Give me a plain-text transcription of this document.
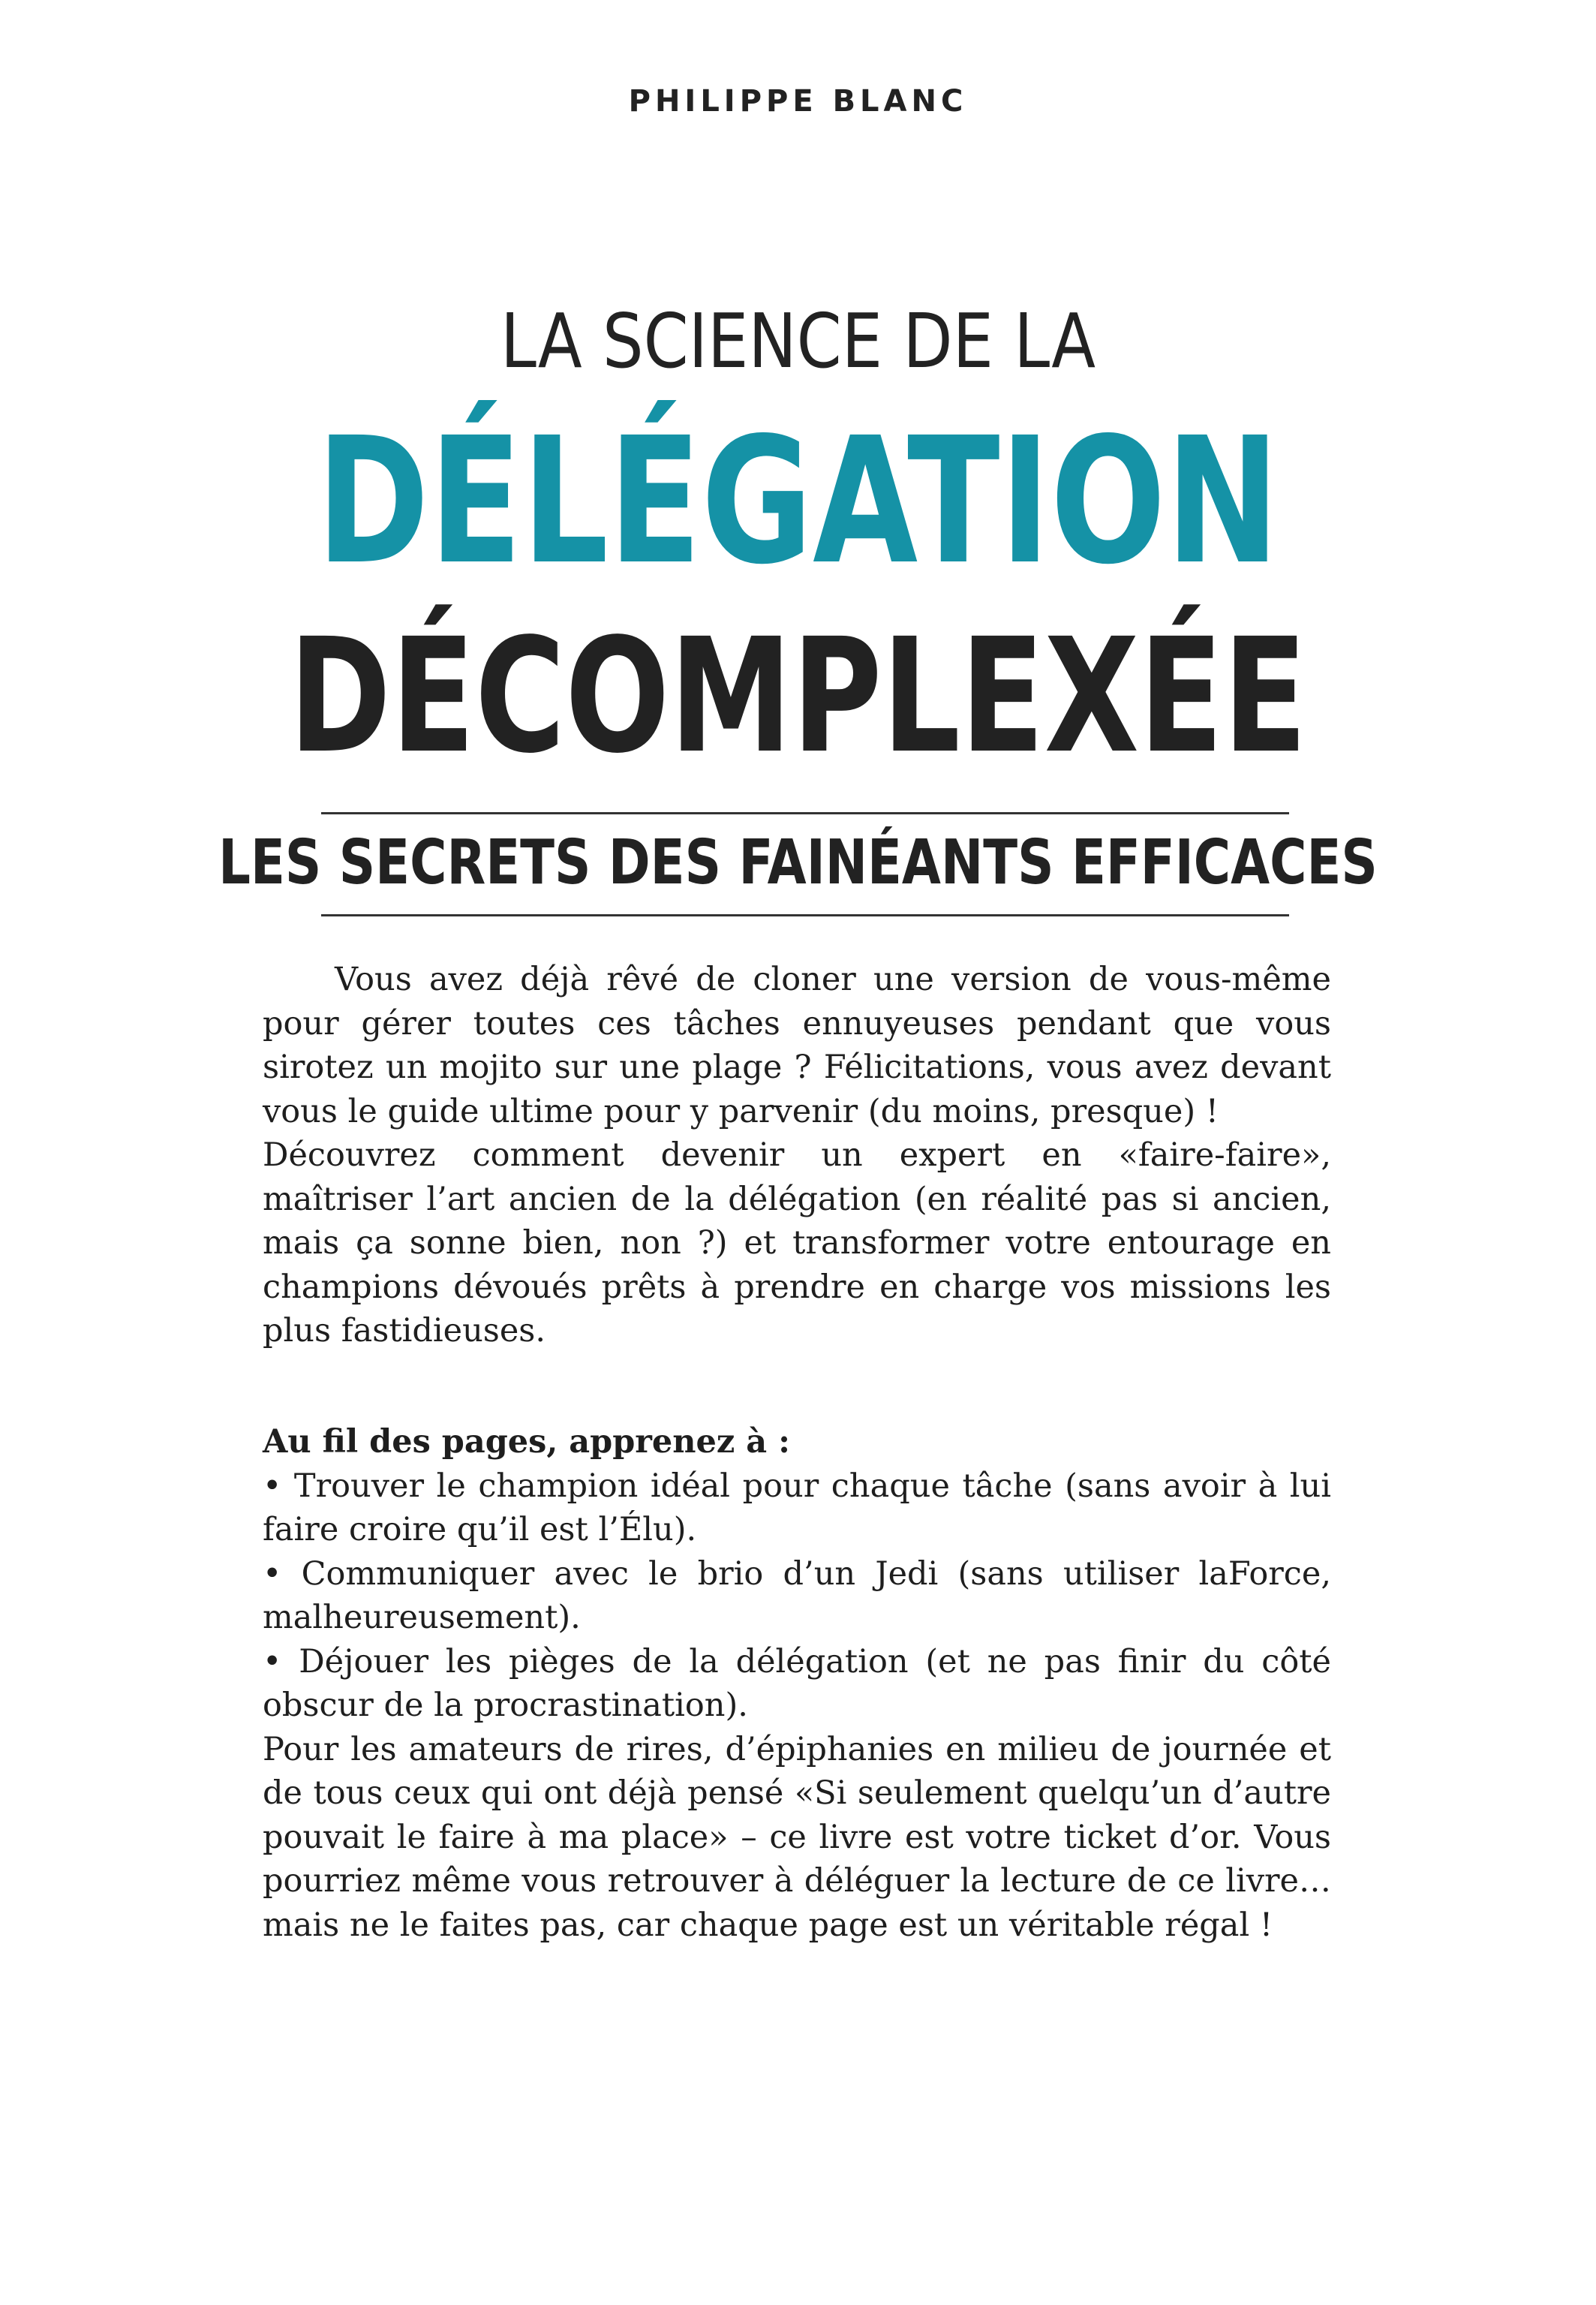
PHILIPPE BLANC
LA SCIENCE DE LA
DÉLÉGATION
DÉCOMPLEXÉE
LES SECRETS DES FAINÉANTS EFFICACES

Vous avez déjà rêvé de cloner une version de vous-même pour gérer toutes ces tâches ennuyeuses pendant que vous sirotez un mojito sur une plage ? Félicitations, vous avez devant vous le guide ultime pour y parvenir (du moins, presque) !

Découvrez comment devenir un expert en «faire-faire», maîtriser l’art ancien de la délégation (en réalité pas si ancien, mais ça sonne bien, non ?) et transformer votre entourage en champions dévoués prêts à prendre en charge vos missions les plus fastidieuses.

Au fil des pages, apprenez à :

• Trouver le champion idéal pour chaque tâche (sans avoir à lui faire croire qu’il est l’Élu).

• Communiquer avec le brio d’un Jedi (sans utiliser laForce, malheureusement).

• Déjouer les pièges de la délégation (et ne pas finir du côté obscur de la procrastination).

Pour les amateurs de rires, d’épiphanies en milieu de journée et de tous ceux qui ont déjà pensé «Si seulement quelqu’un d’autre pouvait le faire à ma place» – ce livre est votre ticket d’or. Vous pourriez même vous retrouver à déléguer la lecture de ce livre… mais ne le faites pas, car chaque page est un véritable régal !
